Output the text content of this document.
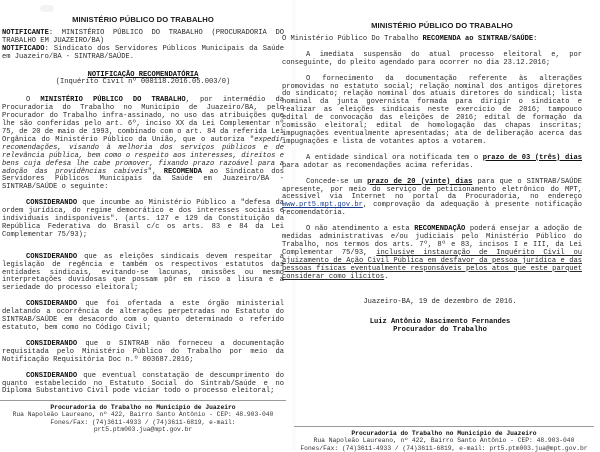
MINISTÉRIO PÚBLICO DO TRABALHO

NOTIFICANTE: MINISTÉRIO PÚBLICO DO TRABALHO (PROCURADORIA DO TRABALHO EM JUAZEIRO/BA)

NOTIFICADO: Sindicato dos Servidores Públicos Municipais da Saúde em Juazeiro/BA - SINTRAB/SAÚDE.

NOTIFICAÇÃO RECOMENDATÓRIA

(Inquérito Civil nº 000118.2016.05.003/0)

O MINISTÉRIO PÚBLICO DO TRABALHO, por intermédio da Procuradoria do Trabalho no Município de Juazeiro/BA, pelo Procurador do Trabalho infra-assinado, no uso das atribuições que lhe são conferidas pelo art. 6º, inciso XX da Lei Complementar nº 75, de 20 de maio de 1993, combinado com o art. 84 da referida Lei Orgânica do Ministério Público da União, que o autoriza "expedir recomendações, visando à melhoria dos serviços públicos e de relevância pública, bem como o respeito aos interesses, direitos e bens cuja defesa lhe cabe promover, fixando prazo razoável para a adoção das providências cabíveis", RECOMENDA ao Sindicato dos Servidores Públicos Municipais da Saúde em Juazeiro/BA - SINTRAB/SAÚDE o seguinte:

CONSIDERANDO que incumbe ao Ministério Público a "defesa da ordem jurídica, do regime democrático e dos interesses sociais e individuais indisponíveis". (arts. 127 e 129 da Constituição da República Federativa do Brasil c/c os arts. 83 e 84 da Lei Complementar 75/93);

CONSIDERANDO que as eleições sindicais devem respeitar a legislação de regência e também os respectivos estatutos das entidades sindicais, evitando-se lacunas, omissões ou mesmo interpretações duvidosas que possam pôr em risco a lisura e a seriedade do processo eleitoral;

CONSIDERANDO que foi ofertada a este órgão ministerial delatando a ocorrência de alterações perpetradas no Estatuto do SINTRAB/SAÚDE em desacordo com o quanto determinado o referido estatuto, bem como no Código Civil;

CONSIDERANDO que o SINTRAB não forneceu a documentação requisitada pelo Ministério Público do Trabalho por meio da Notificação Requisitória Doc n.º 003687.2016;

CONSIDERANDO que eventual constatação de descumprimento do quanto estabelecido no Estatuto Social do Sintrab/Saúde e no Diploma Substantivo Civil pode viciar todo o processo eleitoral;

Procuradoria do Trabalho no Município de Juazeiro
Rua Napoleão Laureano, nº 422, Bairro Santo Antônio - CEP: 48.903-040
Fones/Fax: (74)3611-4933 / (74)3611-6819, e-mail: prt5.ptm003.jua@mpt.gov.br
MINISTÉRIO PÚBLICO DO TRABALHO

O Ministério Público Do Trabalho RECOMENDA ao SINTRAB/SAÚDE:

A imediata suspensão do atual processo eleitoral e, por conseguinte, do pleito agendado para ocorrer no dia 23.12.2016;

O fornecimento da documentação referente às alterações promovidas no estatuto social; relação nominal dos antigos diretores do sindicato; relação nominal dos atuais diretores do sindical; lista nominal da junta governista formada para dirigir o sindicato e realizar as eleições sindicais neste exercício de 2016; tampouco edital de convocação das eleições de 2016; edital de formação da comissão eleitoral; edital de homologação das chapas inscritas; impugnações eventualmente apresentadas; ata de deliberação acerca das impugnações e lista de votantes aptos a votarem.

A entidade sindical ora notificada tem o prazo de 03 (três) dias para adotar as recomendações acima referidas.

Concede-se um prazo de 20 (vinte) dias para que o SINTRAB/SAÚDE apresente, por meio do serviço de peticionamento eletrônico do MPT, acessível via Internet no portal da Procuradoria, no endereço www.prt5.mpt.gov.br, comprovação da adequação à presente notificação recomendatória.

O não atendimento a esta RECOMENDAÇÃO poderá ensejar a adoção de medidas administrativas e/ou judiciais pelo Ministério Público do Trabalho, nos termos dos arts. 7º, 8º e 83, incisos I e III, da Lei Complementar 75/93, inclusive instauração de Inquérito Civil ou ajuizamento de Ação Civil Pública em desfavor da pessoa jurídica e das pessoas físicas eventualmente responsáveis pelos atos que este parquet considerar como ilícitos.

Juazeiro-BA, 19 de dezembro de 2016.

Luiz Antônio Nascimento Fernandes

Procurador do Trabalho

Procuradoria do Trabalho no Município de Juazeiro
Rua Napoleão Laureano, nº 422, Bairro Santo Antônio - CEP: 48.903-040
Fones/Fax: (74)3611-4933 / (74)3611-6819, e-mail: prt5.ptm003.jua@mpt.gov.br
